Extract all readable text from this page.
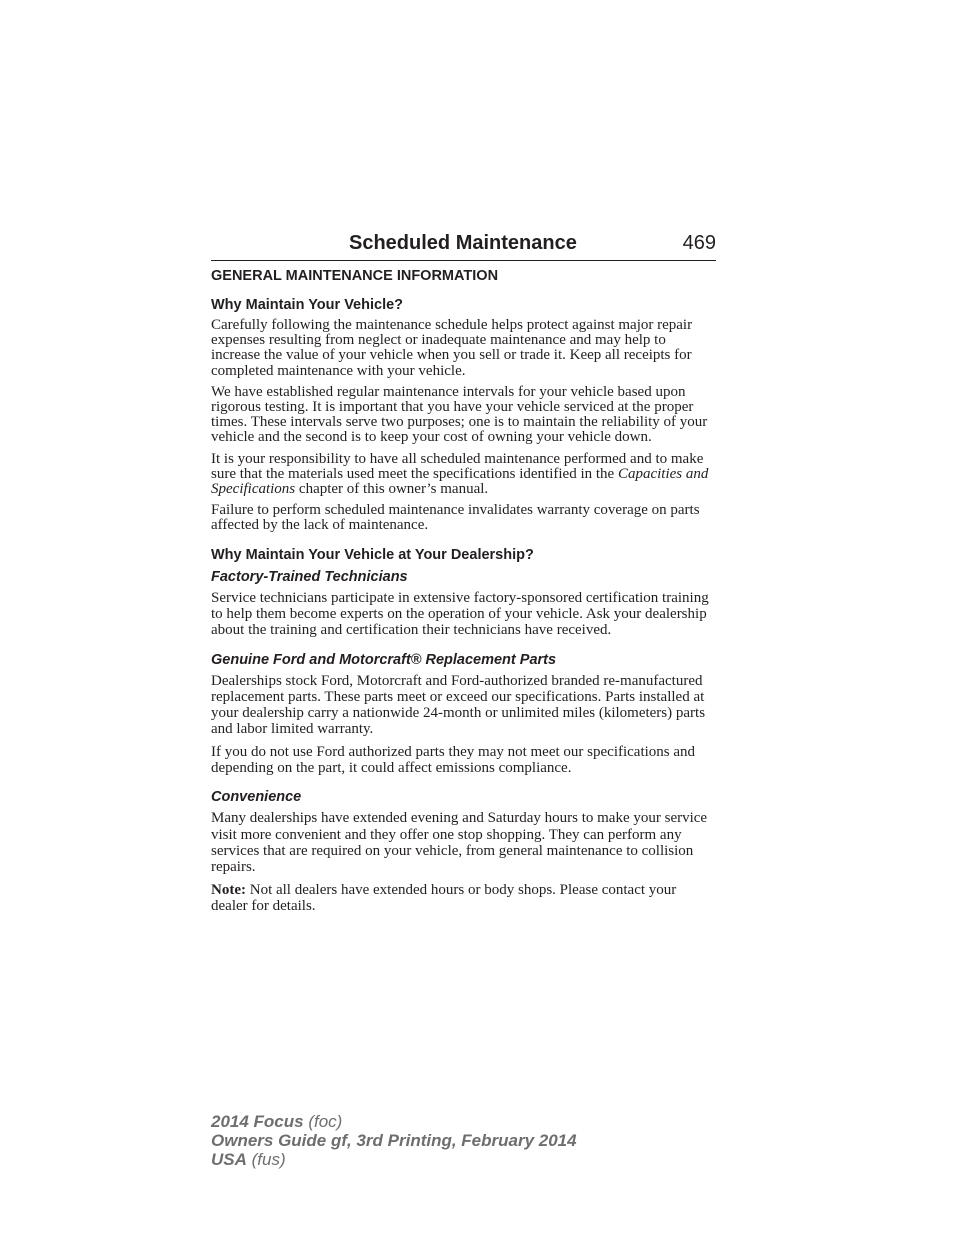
Scheduled Maintenance	469
GENERAL MAINTENANCE INFORMATION
Why Maintain Your Vehicle?

Carefully following the maintenance schedule helps protect against major repair expenses resulting from neglect or inadequate maintenance and may help to increase the value of your vehicle when you sell or trade it. Keep all receipts for completed maintenance with your vehicle.

We have established regular maintenance intervals for your vehicle based upon rigorous testing. It is important that you have your vehicle serviced at the proper times. These intervals serve two purposes; one is to maintain the reliability of your vehicle and the second is to keep your cost of owning your vehicle down.

It is your responsibility to have all scheduled maintenance performed and to make sure that the materials used meet the specifications identified in the Capacities and Specifications chapter of this owner’s manual.

Failure to perform scheduled maintenance invalidates warranty coverage on parts affected by the lack of maintenance.

Why Maintain Your Vehicle at Your Dealership?
Factory-Trained Technicians

Service technicians participate in extensive factory-sponsored certification training to help them become experts on the operation of your vehicle. Ask your dealership about the training and certification their technicians have received.

Genuine Ford and Motorcraft® Replacement Parts

Dealerships stock Ford, Motorcraft and Ford-authorized branded re-manufactured replacement parts. These parts meet or exceed our specifications. Parts installed at your dealership carry a nationwide 24-month or unlimited miles (kilometers) parts and labor limited warranty.

If you do not use Ford authorized parts they may not meet our specifications and depending on the part, it could affect emissions compliance.

Convenience

Many dealerships have extended evening and Saturday hours to make your service visit more convenient and they offer one stop shopping. They can perform any services that are required on your vehicle, from general maintenance to collision repairs.

Note: Not all dealers have extended hours or body shops. Please contact your dealer for details.

2014 Focus (foc)
Owners Guide gf, 3rd Printing, February 2014
USA (fus)
